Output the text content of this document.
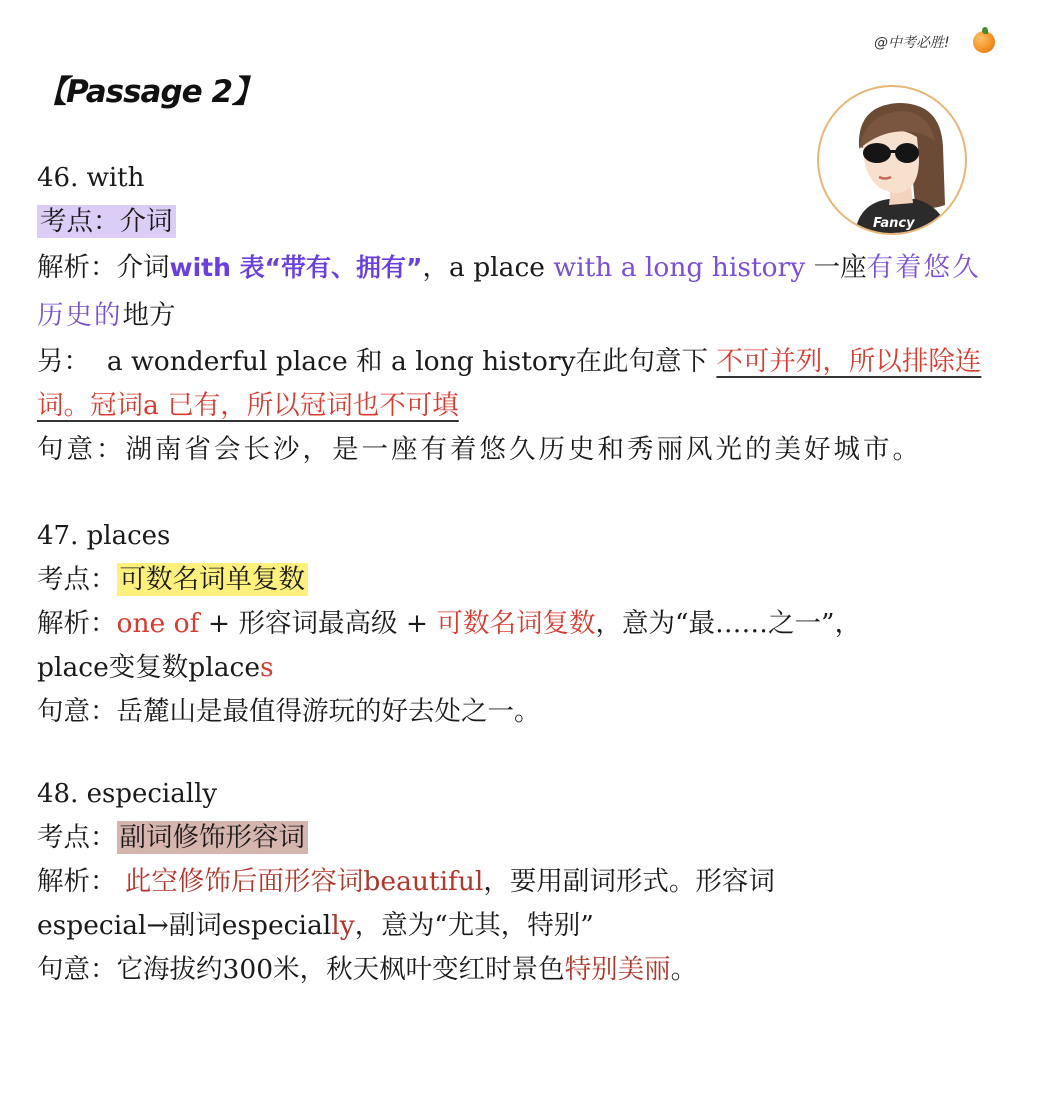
@中考必胜!
【Passage 2】
Fancy
46. with
考点：介词
解析：介词with 表“带有、拥有”，a place with a long history 一座有着悠久历史的地方
另：  a wonderful place 和 a long history在此句意下 不可并列，所以排除连词。冠词a 已有，所以冠词也不可填
句意：湖南省会长沙，是一座有着悠久历史和秀丽风光的美好城市。
47. places
考点： 可数名词单复数
解析：one of + 形容词最高级 + 可数名词复数，意为“最……之一”，
place变复数places
句意：岳麓山是最值得游玩的好去处之一。
48. especially
考点： 副词修饰形容词
解析： 此空修饰后面形容词beautiful，要用副词形式。形容词
especial→副词especially，意为“尤其，特别”
句意：它海拔约300米，秋天枫叶变红时景色特别美丽。
